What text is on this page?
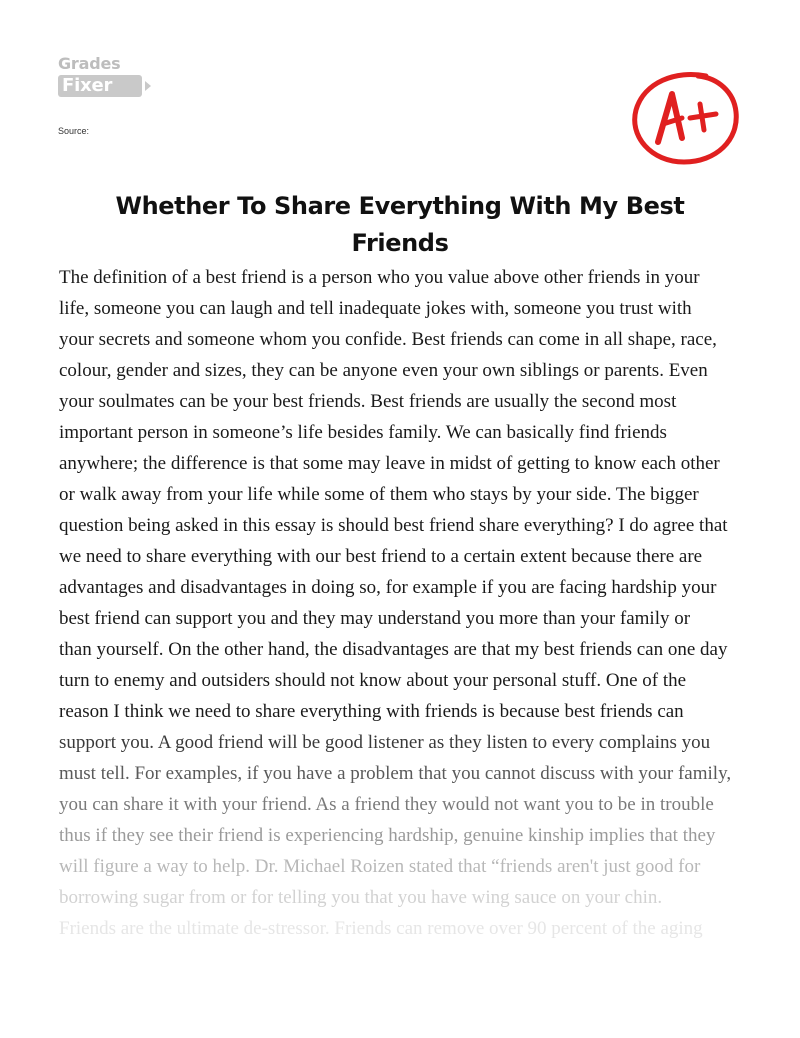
Grades
Fixer
Source:
Whether To Share Everything With My Best
Friends
The definition of a best friend is a person who you value above other friends in your
life, someone you can laugh and tell inadequate jokes with, someone you trust with
your secrets and someone whom you confide. Best friends can come in all shape, race,
colour, gender and sizes, they can be anyone even your own siblings or parents. Even
your soulmates can be your best friends. Best friends are usually the second most
important person in someone’s life besides family. We can basically find friends
anywhere; the difference is that some may leave in midst of getting to know each other
or walk away from your life while some of them who stays by your side. The bigger
question being asked in this essay is should best friend share everything? I do agree that
we need to share everything with our best friend to a certain extent because there are
advantages and disadvantages in doing so, for example if you are facing hardship your
best friend can support you and they may understand you more than your family or
than yourself. On the other hand, the disadvantages are that my best friends can one day
turn to enemy and outsiders should not know about your personal stuff. One of the
reason I think we need to share everything with friends is because best friends can
support you. A good friend will be good listener as they listen to every complains you
must tell. For examples, if you have a problem that you cannot discuss with your family,
you can share it with your friend. As a friend they would not want you to be in trouble
thus if they see their friend is experiencing hardship, genuine kinship implies that they
will figure a way to help. Dr. Michael Roizen stated that “friends aren't just good for
borrowing sugar from or for telling you that you have wing sauce on your chin.
Friends are the ultimate de-stressor. Friends can remove over 90 percent of the aging
